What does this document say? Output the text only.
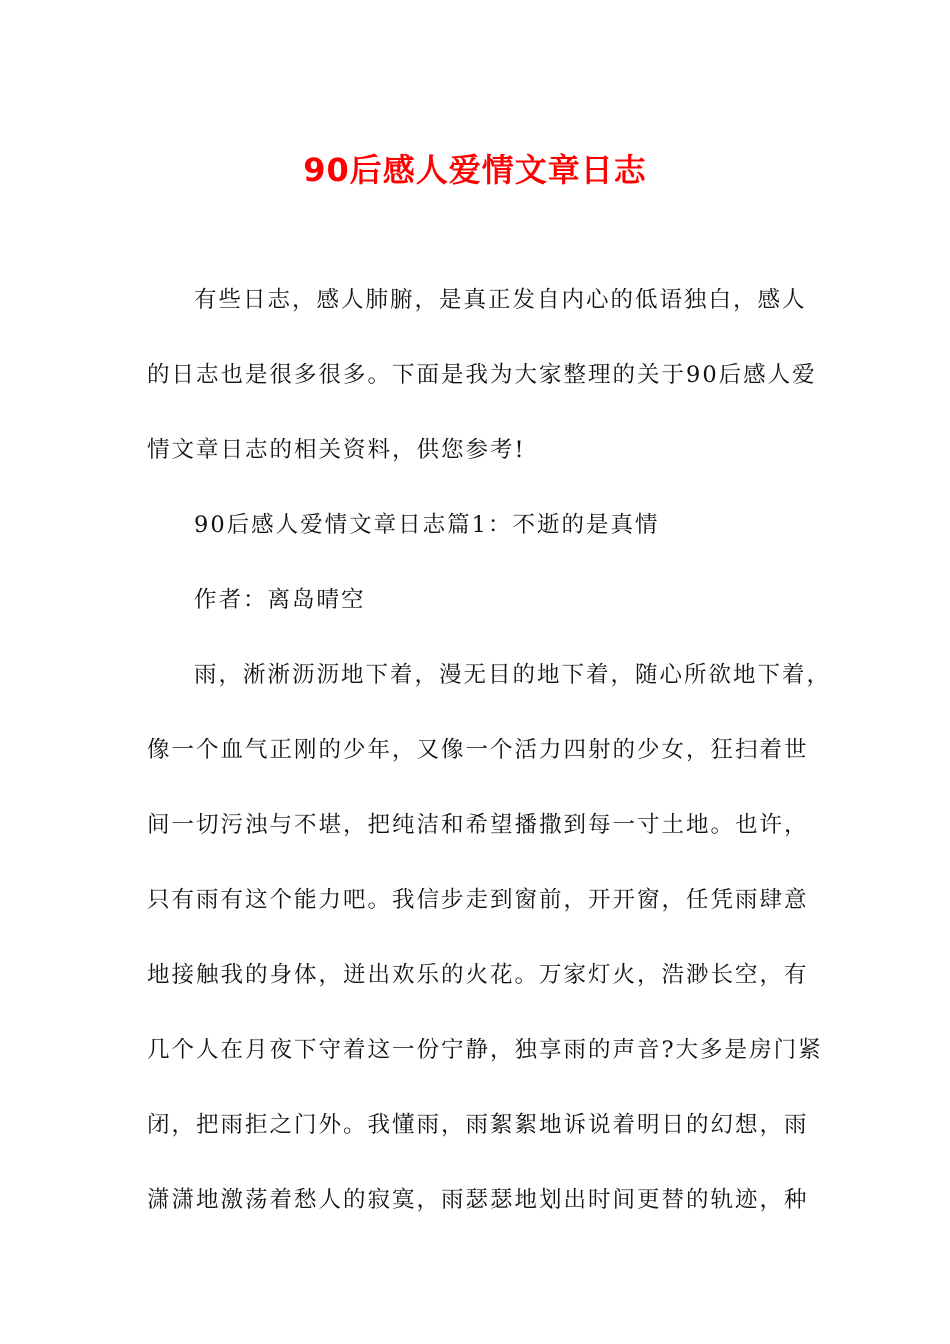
90后感人爱情文章日志
有些日志，感人肺腑，是真正发自内心的低语独白，感人
的日志也是很多很多。下面是我为大家整理的关于90后感人爱
情文章日志的相关资料，供您参考!
90后感人爱情文章日志篇1：不逝的是真情
作者：离岛晴空
雨，淅淅沥沥地下着，漫无目的地下着，随心所欲地下着，
像一个血气正刚的少年，又像一个活力四射的少女，狂扫着世
间一切污浊与不堪，把纯洁和希望播撒到每一寸土地。也许，
只有雨有这个能力吧。我信步走到窗前，开开窗，任凭雨肆意
地接触我的身体，迸出欢乐的火花。万家灯火，浩渺长空，有
几个人在月夜下守着这一份宁静，独享雨的声音?大多是房门紧
闭，把雨拒之门外。我懂雨，雨絮絮地诉说着明日的幻想，雨
潇潇地激荡着愁人的寂寞，雨瑟瑟地划出时间更替的轨迹，种
